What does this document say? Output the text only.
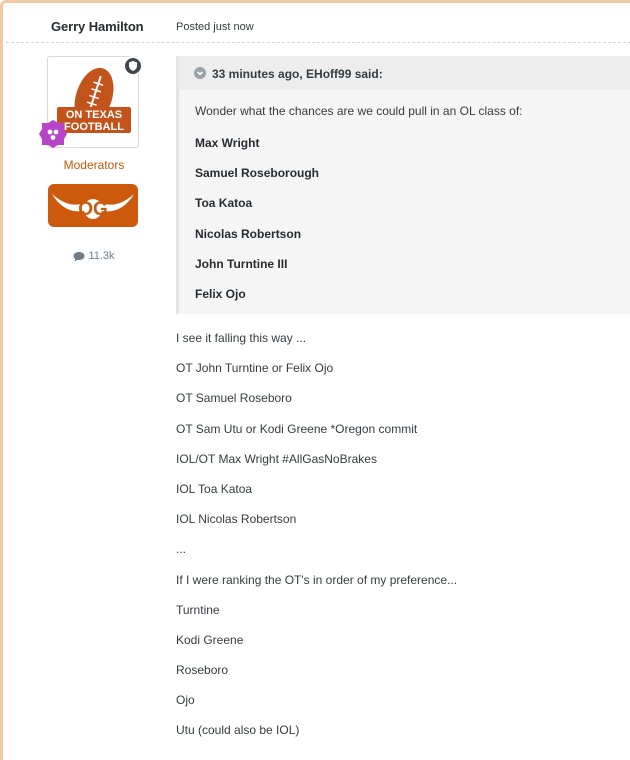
Gerry Hamilton	Posted just now
ON TEXAS
FOOTBALL
Moderators
OG
11.3k
33 minutes ago, EHoff99 said:
Wonder what the chances are we could pull in an OL class of:
Max Wright
Samuel Roseborough
Toa Katoa
Nicolas Robertson
John Turntine III
Felix Ojo
I see it falling this way ...
OT John Turntine or Felix Ojo
OT Samuel Roseboro
OT Sam Utu or Kodi Greene *Oregon commit
IOL/OT Max Wright #AllGasNoBrakes
IOL Toa Katoa
IOL Nicolas Robertson
...
If I were ranking the OT's in order of my preference...
Turntine
Kodi Greene
Roseboro
Ojo
Utu (could also be IOL)
